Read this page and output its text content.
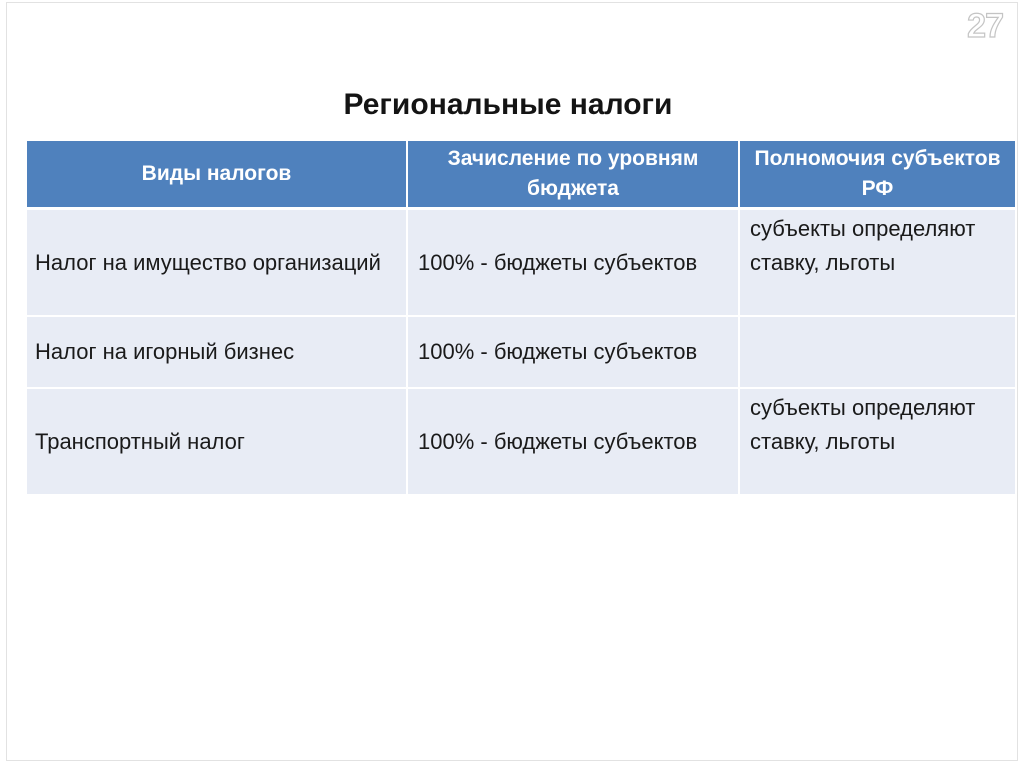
27
Региональные налоги
Виды налогов	Зачисление по уровням бюджета	Полномочия субъектов РФ
Налог на имущество организаций	100% - бюджеты субъектов	субъекты определяют ставку, льготы
Налог на игорный бизнес	100% - бюджеты субъектов	
Транспортный налог	100% - бюджеты субъектов	субъекты определяют ставку, льготы
